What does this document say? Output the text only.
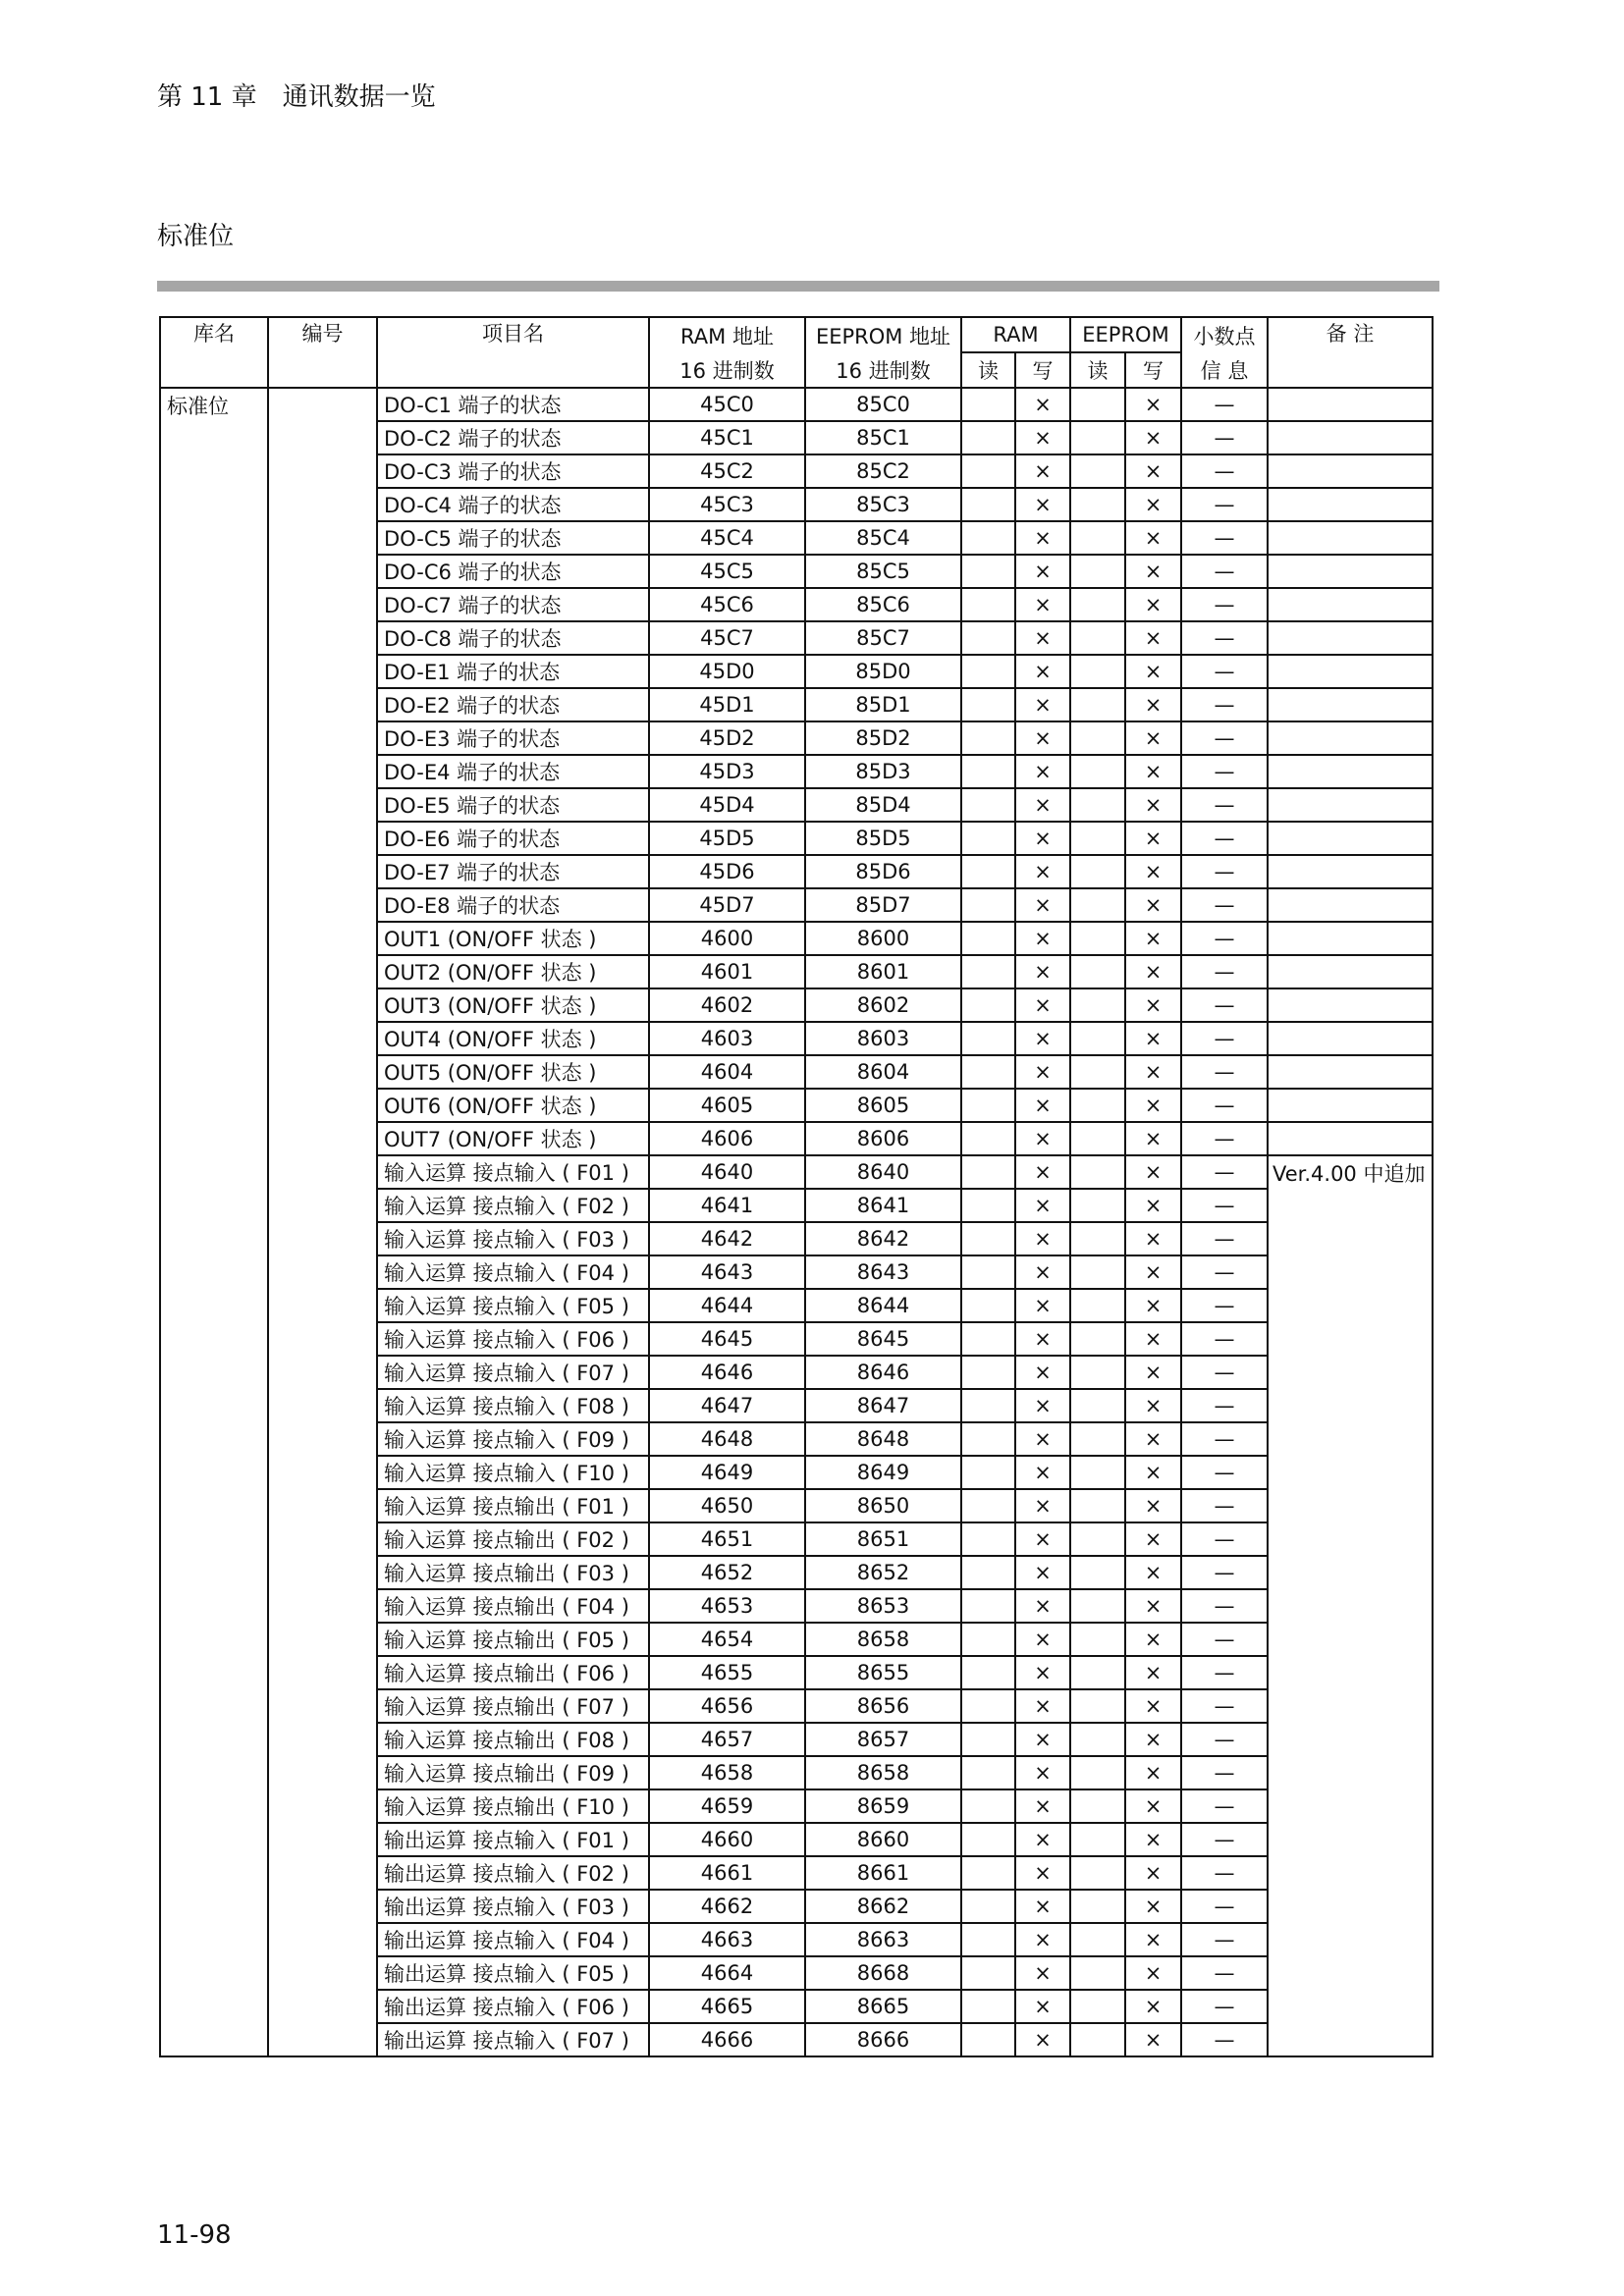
第 11 章　通讯数据一览
标准位
库名	编号	项目名	RAM 地址	EEPROM 地址	RAM		EEPROM		小数点	备 注
			16 进制数	16 进制数	读	写	读	写	信 息	
标准位		DO-C1 端子的状态	45C0	85C0		×		×	—	
		DO-C2 端子的状态	45C1	85C1		×		×	—	
		DO-C3 端子的状态	45C2	85C2		×		×	—	
		DO-C4 端子的状态	45C3	85C3		×		×	—	
		DO-C5 端子的状态	45C4	85C4		×		×	—	
		DO-C6 端子的状态	45C5	85C5		×		×	—	
		DO-C7 端子的状态	45C6	85C6		×		×	—	
		DO-C8 端子的状态	45C7	85C7		×		×	—	
		DO-E1 端子的状态	45D0	85D0		×		×	—	
		DO-E2 端子的状态	45D1	85D1		×		×	—	
		DO-E3 端子的状态	45D2	85D2		×		×	—	
		DO-E4 端子的状态	45D3	85D3		×		×	—	
		DO-E5 端子的状态	45D4	85D4		×		×	—	
		DO-E6 端子的状态	45D5	85D5		×		×	—	
		DO-E7 端子的状态	45D6	85D6		×		×	—	
		DO-E8 端子的状态	45D7	85D7		×		×	—	
		OUT1 (ON/OFF 状态 )	4600	8600		×		×	—	
		OUT2 (ON/OFF 状态 )	4601	8601		×		×	—	
		OUT3 (ON/OFF 状态 )	4602	8602		×		×	—	
		OUT4 (ON/OFF 状态 )	4603	8603		×		×	—	
		OUT5 (ON/OFF 状态 )	4604	8604		×		×	—	
		OUT6 (ON/OFF 状态 )	4605	8605		×		×	—	
		OUT7 (ON/OFF 状态 )	4606	8606		×		×	—	
		输入运算 接点输入 ( F01 )	4640	8640		×		×	—	Ver.4.00 中追加
		输入运算 接点输入 ( F02 )	4641	8641		×		×	—	
		输入运算 接点输入 ( F03 )	4642	8642		×		×	—	
		输入运算 接点输入 ( F04 )	4643	8643		×		×	—	
		输入运算 接点输入 ( F05 )	4644	8644		×		×	—	
		输入运算 接点输入 ( F06 )	4645	8645		×		×	—	
		输入运算 接点输入 ( F07 )	4646	8646		×		×	—	
		输入运算 接点输入 ( F08 )	4647	8647		×		×	—	
		输入运算 接点输入 ( F09 )	4648	8648		×		×	—	
		输入运算 接点输入 ( F10 )	4649	8649		×		×	—	
		输入运算 接点输出 ( F01 )	4650	8650		×		×	—	
		输入运算 接点输出 ( F02 )	4651	8651		×		×	—	
		输入运算 接点输出 ( F03 )	4652	8652		×		×	—	
		输入运算 接点输出 ( F04 )	4653	8653		×		×	—	
		输入运算 接点输出 ( F05 )	4654	8658		×		×	—	
		输入运算 接点输出 ( F06 )	4655	8655		×		×	—	
		输入运算 接点输出 ( F07 )	4656	8656		×		×	—	
		输入运算 接点输出 ( F08 )	4657	8657		×		×	—	
		输入运算 接点输出 ( F09 )	4658	8658		×		×	—	
		输入运算 接点输出 ( F10 )	4659	8659		×		×	—	
		输出运算 接点输入 ( F01 )	4660	8660		×		×	—	
		输出运算 接点输入 ( F02 )	4661	8661		×		×	—	
		输出运算 接点输入 ( F03 )	4662	8662		×		×	—	
		输出运算 接点输入 ( F04 )	4663	8663		×		×	—	
		输出运算 接点输入 ( F05 )	4664	8668		×		×	—	
		输出运算 接点输入 ( F06 )	4665	8665		×		×	—	
		输出运算 接点输入 ( F07 )	4666	8666		×		×	—	
11-98
